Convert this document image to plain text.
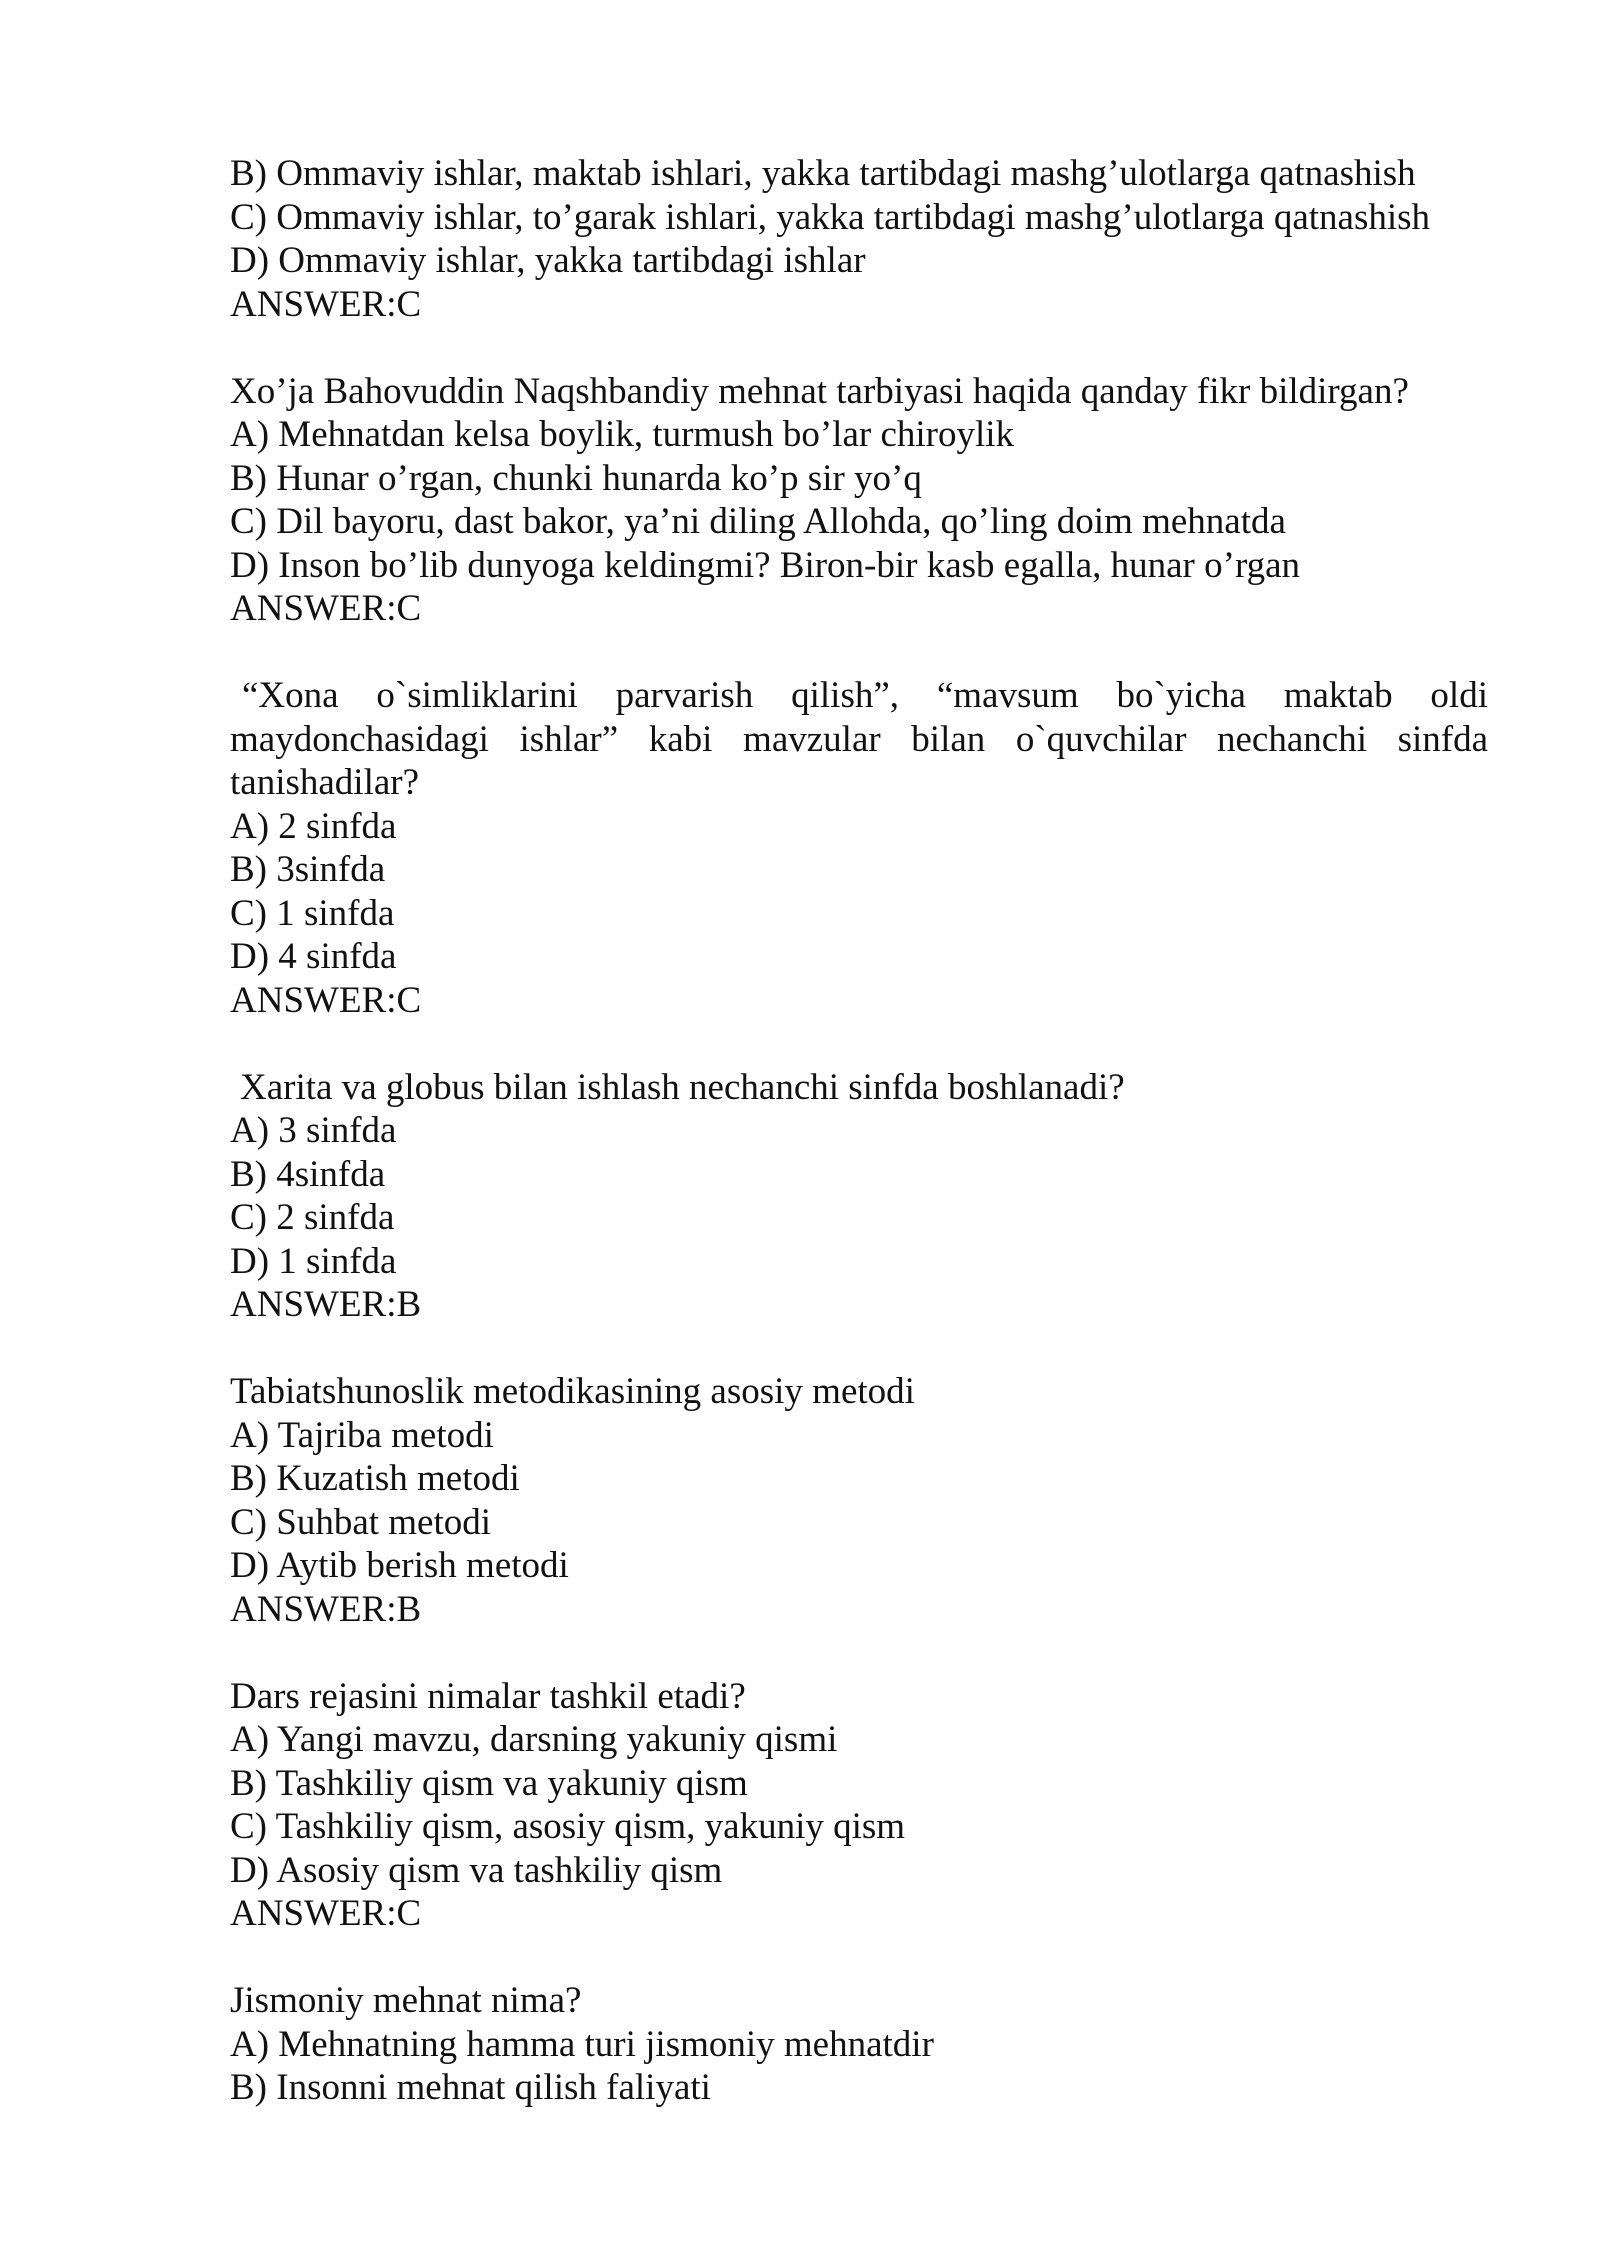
B) Ommaviy ishlar, maktab ishlari, yakka tartibdagi mashg’ulotlarga qatnashish
C) Ommaviy ishlar, to’garak ishlari, yakka tartibdagi mashg’ulotlarga qatnashish
D) Ommaviy ishlar, yakka tartibdagi ishlar
ANSWER:C
Xo’ja Bahovuddin Naqshbandiy mehnat tarbiyasi haqida qanday fikr bildirgan?
A) Mehnatdan kelsa boylik, turmush bo’lar chiroylik
B) Hunar o’rgan, chunki hunarda ko’p sir yo’q
C) Dil bayoru, dast bakor, ya’ni diling Allohda, qo’ling doim mehnatda
D) Inson bo’lib dunyoga keldingmi? Biron-bir kasb egalla, hunar o’rgan
ANSWER:C
“Xona o`simliklarini parvarish qilish”, “mavsum bo`yicha maktab oldi maydonchasidagi ishlar” kabi mavzular bilan o`quvchilar nechanchi sinfda tanishadilar?
A) 2 sinfda
B) 3sinfda
C) 1 sinfda
D) 4 sinfda
ANSWER:C
Xarita va globus bilan ishlash nechanchi sinfda boshlanadi?
A) 3 sinfda
B) 4sinfda
C) 2 sinfda
D) 1 sinfda
ANSWER:B
Tabiatshunoslik metodikasining asosiy metodi
A) Tajriba metodi
B) Kuzatish metodi
C) Suhbat metodi
D) Aytib berish metodi
ANSWER:B
Dars rejasini nimalar tashkil etadi?
A) Yangi mavzu, darsning yakuniy qismi
B) Tashkiliy qism va yakuniy qism
C) Tashkiliy qism, asosiy qism, yakuniy qism
D) Asosiy qism va tashkiliy qism
ANSWER:C
Jismoniy mehnat nima?
A) Mehnatning hamma turi jismoniy mehnatdir
B) Insonni mehnat qilish faliyati
